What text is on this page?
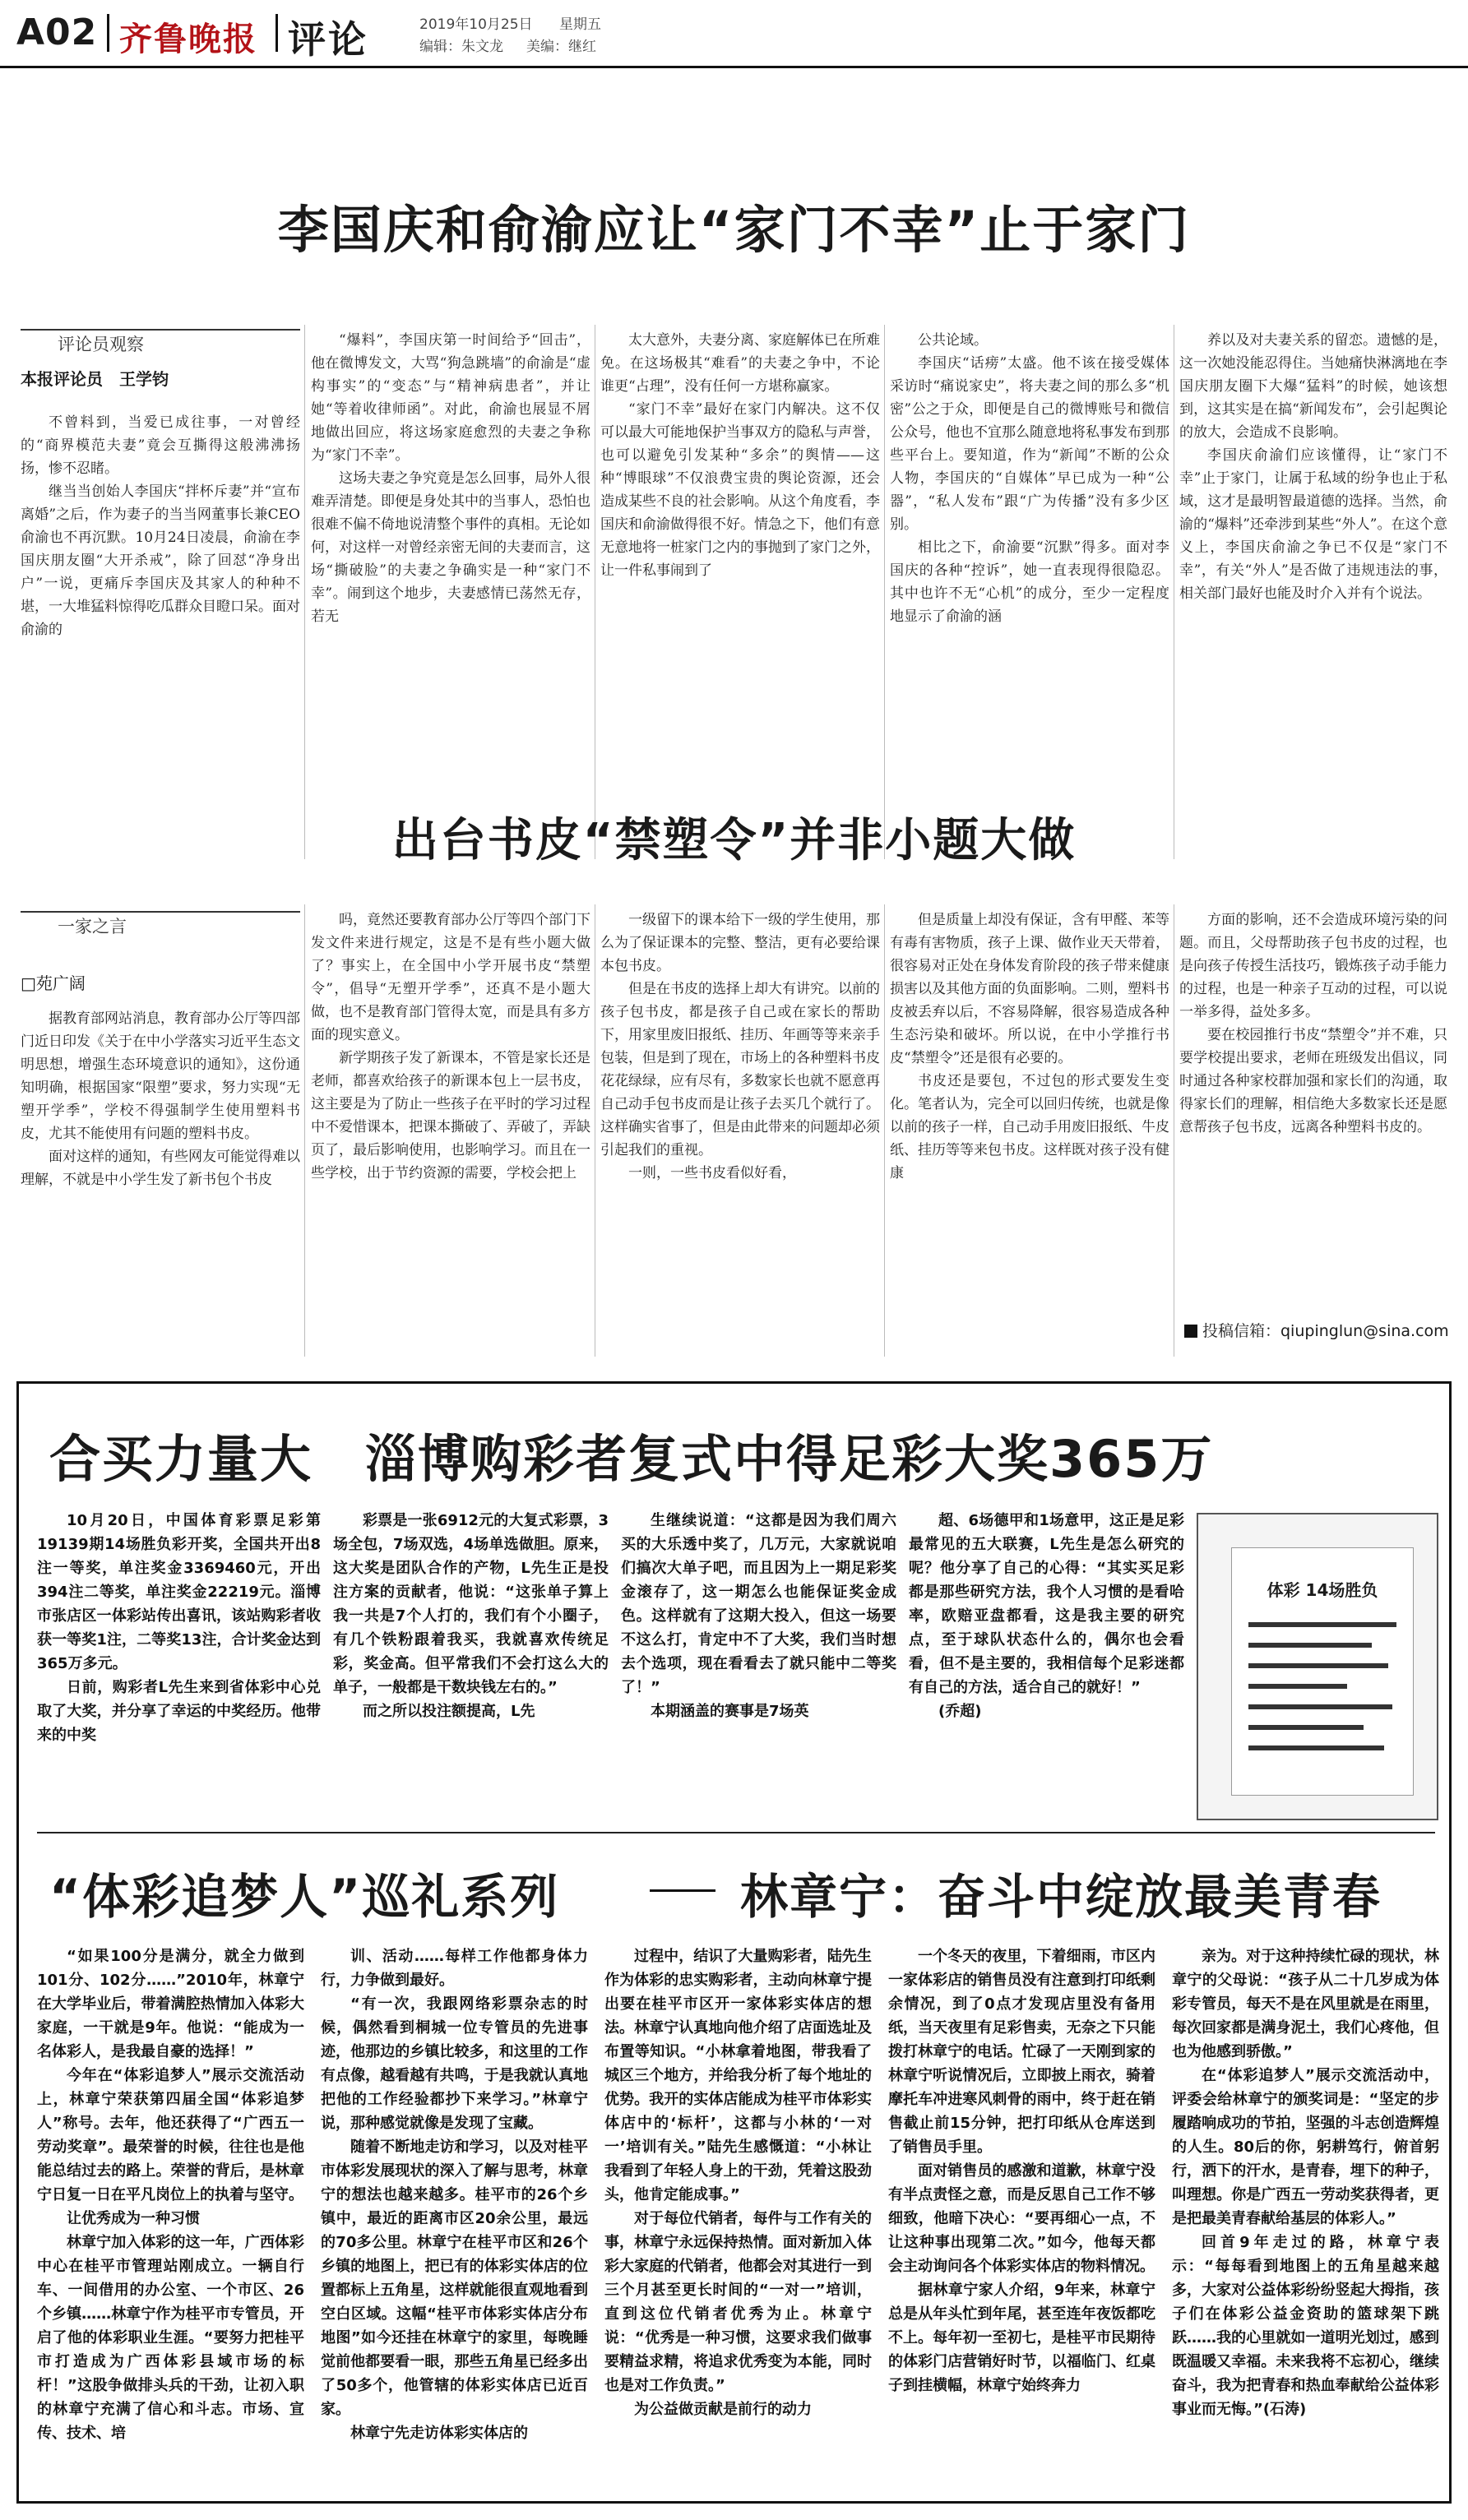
A02 齐鲁晚报 评论	2019年10月25日 星期五
编辑：朱文龙 美编：继红
李国庆和俞渝应让“家门不幸”止于家门
评论员观察
本报评论员　王学钧

不曾料到，当爱已成往事，一对曾经的“商界模范夫妻”竟会互撕得这般沸沸扬扬，惨不忍睹。

继当当创始人李国庆“拌杯斥妻”并“宣布离婚”之后，作为妻子的当当网董事长兼CEO俞渝也不再沉默。10月24日凌晨，俞渝在李国庆朋友圈“大开杀戒”，除了回怼“净身出户”一说，更痛斥李国庆及其家人的种种不堪，一大堆猛料惊得吃瓜群众目瞪口呆。面对俞渝的

“爆料”，李国庆第一时间给予“回击”，他在微博发文，大骂“狗急跳墙”的俞渝是“虚构事实”的“变态”与“精神病患者”，并让她“等着收律师函”。对此，俞渝也展显不屑地做出回应，将这场家庭愈烈的夫妻之争称为“家门不幸”。

这场夫妻之争究竟是怎么回事，局外人很难弄清楚。即便是身处其中的当事人，恐怕也很难不偏不倚地说清整个事件的真相。无论如何，对这样一对曾经亲密无间的夫妻而言，这场“撕破脸”的夫妻之争确实是一种“家门不幸”。闹到这个地步，夫妻感情已荡然无存，若无

太大意外，夫妻分离、家庭解体已在所难免。在这场极其“难看”的夫妻之争中，不论谁更“占理”，没有任何一方堪称赢家。

“家门不幸”最好在家门内解决。这不仅可以最大可能地保护当事双方的隐私与声誉，也可以避免引发某种“多余”的舆情——这种“博眼球”不仅浪费宝贵的舆论资源，还会造成某些不良的社会影响。从这个角度看，李国庆和俞渝做得很不好。情急之下，他们有意无意地将一桩家门之内的事抛到了家门之外，让一件私事闹到了

公共论域。

李国庆“话痨”太盛。他不该在接受媒体采访时“痛说家史”，将夫妻之间的那么多“机密”公之于众，即便是自己的微博账号和微信公众号，他也不宜那么随意地将私事发布到那些平台上。要知道，作为“新闻”不断的公众人物，李国庆的“自媒体”早已成为一种“公器”，“私人发布”跟“广为传播”没有多少区别。

相比之下，俞渝要“沉默”得多。面对李国庆的各种“控诉”，她一直表现得很隐忍。其中也许不无“心机”的成分，至少一定程度地显示了俞渝的涵

养以及对夫妻关系的留恋。遗憾的是，这一次她没能忍得住。当她痛快淋漓地在李国庆朋友圈下大爆“猛料”的时候，她该想到，这其实是在搞“新闻发布”，会引起舆论的放大，会造成不良影响。

李国庆俞渝们应该懂得，让“家门不幸”止于家门，让属于私域的纷争也止于私域，这才是最明智最道德的选择。当然，俞渝的“爆料”还牵涉到某些“外人”。在这个意义上，李国庆俞渝之争已不仅是“家门不幸”，有关“外人”是否做了违规违法的事，相关部门最好也能及时介入并有个说法。

出台书皮“禁塑令”并非小题大做
一家之言
□苑广阔

据教育部网站消息，教育部办公厅等四部门近日印发《关于在中小学落实习近平生态文明思想，增强生态环境意识的通知》，这份通知明确，根据国家“限塑”要求，努力实现“无塑开学季”，学校不得强制学生使用塑料书皮，尤其不能使用有问题的塑料书皮。

面对这样的通知，有些网友可能觉得难以理解，不就是中小学生发了新书包个书皮

吗，竟然还要教育部办公厅等四个部门下发文件来进行规定，这是不是有些小题大做了？事实上，在全国中小学开展书皮“禁塑令”，倡导“无塑开学季”，还真不是小题大做，也不是教育部门管得太宽，而是具有多方面的现实意义。

新学期孩子发了新课本，不管是家长还是老师，都喜欢给孩子的新课本包上一层书皮，这主要是为了防止一些孩子在平时的学习过程中不爱惜课本，把课本撕破了、弄破了，弄缺页了，最后影响使用，也影响学习。而且在一些学校，出于节约资源的需要，学校会把上

一级留下的课本给下一级的学生使用，那么为了保证课本的完整、整洁，更有必要给课本包书皮。

但是在书皮的选择上却大有讲究。以前的孩子包书皮，都是孩子自己或在家长的帮助下，用家里废旧报纸、挂历、年画等等来亲手包装，但是到了现在，市场上的各种塑料书皮花花绿绿，应有尽有，多数家长也就不愿意再自己动手包书皮而是让孩子去买几个就行了。这样确实省事了，但是由此带来的问题却必须引起我们的重视。

一则，一些书皮看似好看，

但是质量上却没有保证，含有甲醛、苯等有毒有害物质，孩子上课、做作业天天带着，很容易对正处在身体发育阶段的孩子带来健康损害以及其他方面的负面影响。二则，塑料书皮被丢弃以后，不容易降解，很容易造成各种生态污染和破坏。所以说，在中小学推行书皮“禁塑令”还是很有必要的。

书皮还是要包，不过包的形式要发生变化。笔者认为，完全可以回归传统，也就是像以前的孩子一样，自己动手用废旧报纸、牛皮纸、挂历等等来包书皮。这样既对孩子没有健康

方面的影响，还不会造成环境污染的问题。而且，父母帮助孩子包书皮的过程，也是向孩子传授生活技巧，锻炼孩子动手能力的过程，也是一种亲子互动的过程，可以说一举多得，益处多多。

要在校园推行书皮“禁塑令”并不难，只要学校提出要求，老师在班级发出倡议，同时通过各种家校群加强和家长们的沟通，取得家长们的理解，相信绝大多数家长还是愿意帮孩子包书皮，远离各种塑料书皮的。

投稿信箱：qiupinglun@sina.com
合买力量大　淄博购彩者复式中得足彩大奖365万

10月20日，中国体育彩票足彩第19139期14场胜负彩开奖，全国共开出8注一等奖，单注奖金3369460元，开出394注二等奖，单注奖金22219元。淄博市张店区一体彩站传出喜讯，该站购彩者收获一等奖1注，二等奖13注，合计奖金达到365万多元。

日前，购彩者L先生来到省体彩中心兑取了大奖，并分享了幸运的中奖经历。他带来的中奖

彩票是一张6912元的大复式彩票，3场全包，7场双选，4场单选做胆。原来，这大奖是团队合作的产物，L先生正是投注方案的贡献者，他说：“这张单子算上我一共是7个人打的，我们有个小圈子，有几个铁粉跟着我买，我就喜欢传统足彩，奖金高。但平常我们不会打这么大的单子，一般都是干数块钱左右的。”

而之所以投注额提高，L先

生继续说道：“这都是因为我们周六买的大乐透中奖了，几万元，大家就说咱们搞次大单子吧，而且因为上一期足彩奖金滚存了，这一期怎么也能保证奖金成色。这样就有了这期大投入，但这一场要不这么打，肯定中不了大奖，我们当时想去个选项，现在看看去了就只能中二等奖了！”

本期涵盖的赛事是7场英

超、6场德甲和1场意甲，这正是足彩最常见的五大联赛，L先生是怎么研究的呢？他分享了自己的心得：“其实买足彩都是那些研究方法，我个人习惯的是看哈率，欧赔亚盘都看，这是我主要的研究点，至于球队状态什么的，偶尔也会看看，但不是主要的，我相信每个足彩迷都有自己的方法，适合自己的就好！”

(乔超)

体彩 14场胜负
“体彩追梦人”巡礼系列	林章宁：奋斗中绽放最美青春

“如果100分是满分，就全力做到101分、102分……”2010年，林章宁在大学毕业后，带着满腔热情加入体彩大家庭，一干就是9年。他说：“能成为一名体彩人，是我最自豪的选择！”

今年在“体彩追梦人”展示交流活动上，林章宁荣获第四届全国“体彩追梦人”称号。去年，他还获得了“广西五一劳动奖章”。最荣誉的时候，往往也是他能总结过去的路上。荣誉的背后，是林章宁日复一日在平凡岗位上的执着与坚守。

让优秀成为一种习惯

林章宁加入体彩的这一年，广西体彩中心在桂平市管理站刚成立。一辆自行车、一间借用的办公室、一个市区、26个乡镇……林章宁作为桂平市专管员，开启了他的体彩职业生涯。“要努力把桂平市打造成为广西体彩县域市场的标杆！”这股争做排头兵的干劲，让初入职的林章宁充满了信心和斗志。市场、宣传、技术、培

训、活动……每样工作他都身体力行，力争做到最好。

“有一次，我跟网络彩票杂志的时候，偶然看到桐城一位专管员的先进事迹，他那边的乡镇比较多，和这里的工作有点像，越看越有共鸣，于是我就认真地把他的工作经验都抄下来学习。”林章宁说，那种感觉就像是发现了宝藏。

随着不断地走访和学习，以及对桂平市体彩发展现状的深入了解与思考，林章宁的想法也越来越多。桂平市的26个乡镇中，最近的距离市区20余公里，最远的70多公里。林章宁在桂平市区和26个乡镇的地图上，把已有的体彩实体店的位置都标上五角星，这样就能很直观地看到空白区域。这幅“桂平市体彩实体店分布地图”如今还挂在林章宁的家里，每晚睡觉前他都要看一眼，那些五角星已经多出了50多个，他管辖的体彩实体店已近百家。

林章宁先走访体彩实体店的

过程中，结识了大量购彩者，陆先生作为体彩的忠实购彩者，主动向林章宁提出要在桂平市区开一家体彩实体店的想法。林章宁认真地向他介绍了店面选址及布置等知识。“小林拿着地图，带我看了城区三个地方，并给我分析了每个地址的优势。我开的实体店能成为桂平市体彩实体店中的‘标杆’，这都与小林的‘一对一’培训有关。”陆先生感慨道：“小林让我看到了年轻人身上的干劲，凭着这股劲头，他肯定能成事。”

对于每位代销者，每件与工作有关的事，林章宁永远保持热情。面对新加入体彩大家庭的代销者，他都会对其进行一到三个月甚至更长时间的“一对一”培训，直到这位代销者优秀为止。林章宁说：“优秀是一种习惯，这要求我们做事要精益求精，将追求优秀变为本能，同时也是对工作负责。”

为公益做贡献是前行的动力

一个冬天的夜里，下着细雨，市区内一家体彩店的销售员没有注意到打印纸剩余情况，到了0点才发现店里没有备用纸，当天夜里有足彩售卖，无奈之下只能拨打林章宁的电话。忙碌了一天刚到家的林章宁听说情况后，立即披上雨衣，骑着摩托车冲进寒风刺骨的雨中，终于赶在销售截止前15分钟，把打印纸从仓库送到了销售员手里。

面对销售员的感激和道歉，林章宁没有半点责怪之意，而是反思自己工作不够细致，他暗下决心：“要再细心一点，不让这种事出现第二次。”如今，他每天都会主动询问各个体彩实体店的物料情况。

据林章宁家人介绍，9年来，林章宁总是从年头忙到年尾，甚至连年夜饭都吃不上。每年初一至初七，是桂平市民期待的体彩门店营销好时节，以福临门、红桌子到挂横幅，林章宁始终奔力

亲为。对于这种持续忙碌的现状，林章宁的父母说：“孩子从二十几岁成为体彩专管员，每天不是在风里就是在雨里，每次回家都是满身泥土，我们心疼他，但也为他感到骄傲。”

在“体彩追梦人”展示交流活动中，评委会给林章宁的颁奖词是：“坚定的步履踏响成功的节拍，坚强的斗志创造辉煌的人生。80后的你，躬耕笃行，俯首躬行，洒下的汗水，是青春，埋下的种子，叫理想。你是广西五一劳动奖获得者，更是把最美青春献给基层的体彩人。”

回首9年走过的路，林章宁表示：“每每看到地图上的五角星越来越多，大家对公益体彩纷纷竖起大拇指，孩子们在体彩公益金资助的篮球架下跳跃……我的心里就如一道明光划过，感到既温暖又幸福。未来我将不忘初心，继续奋斗，我为把青春和热血奉献给公益体彩事业而无悔。”(石涛)
